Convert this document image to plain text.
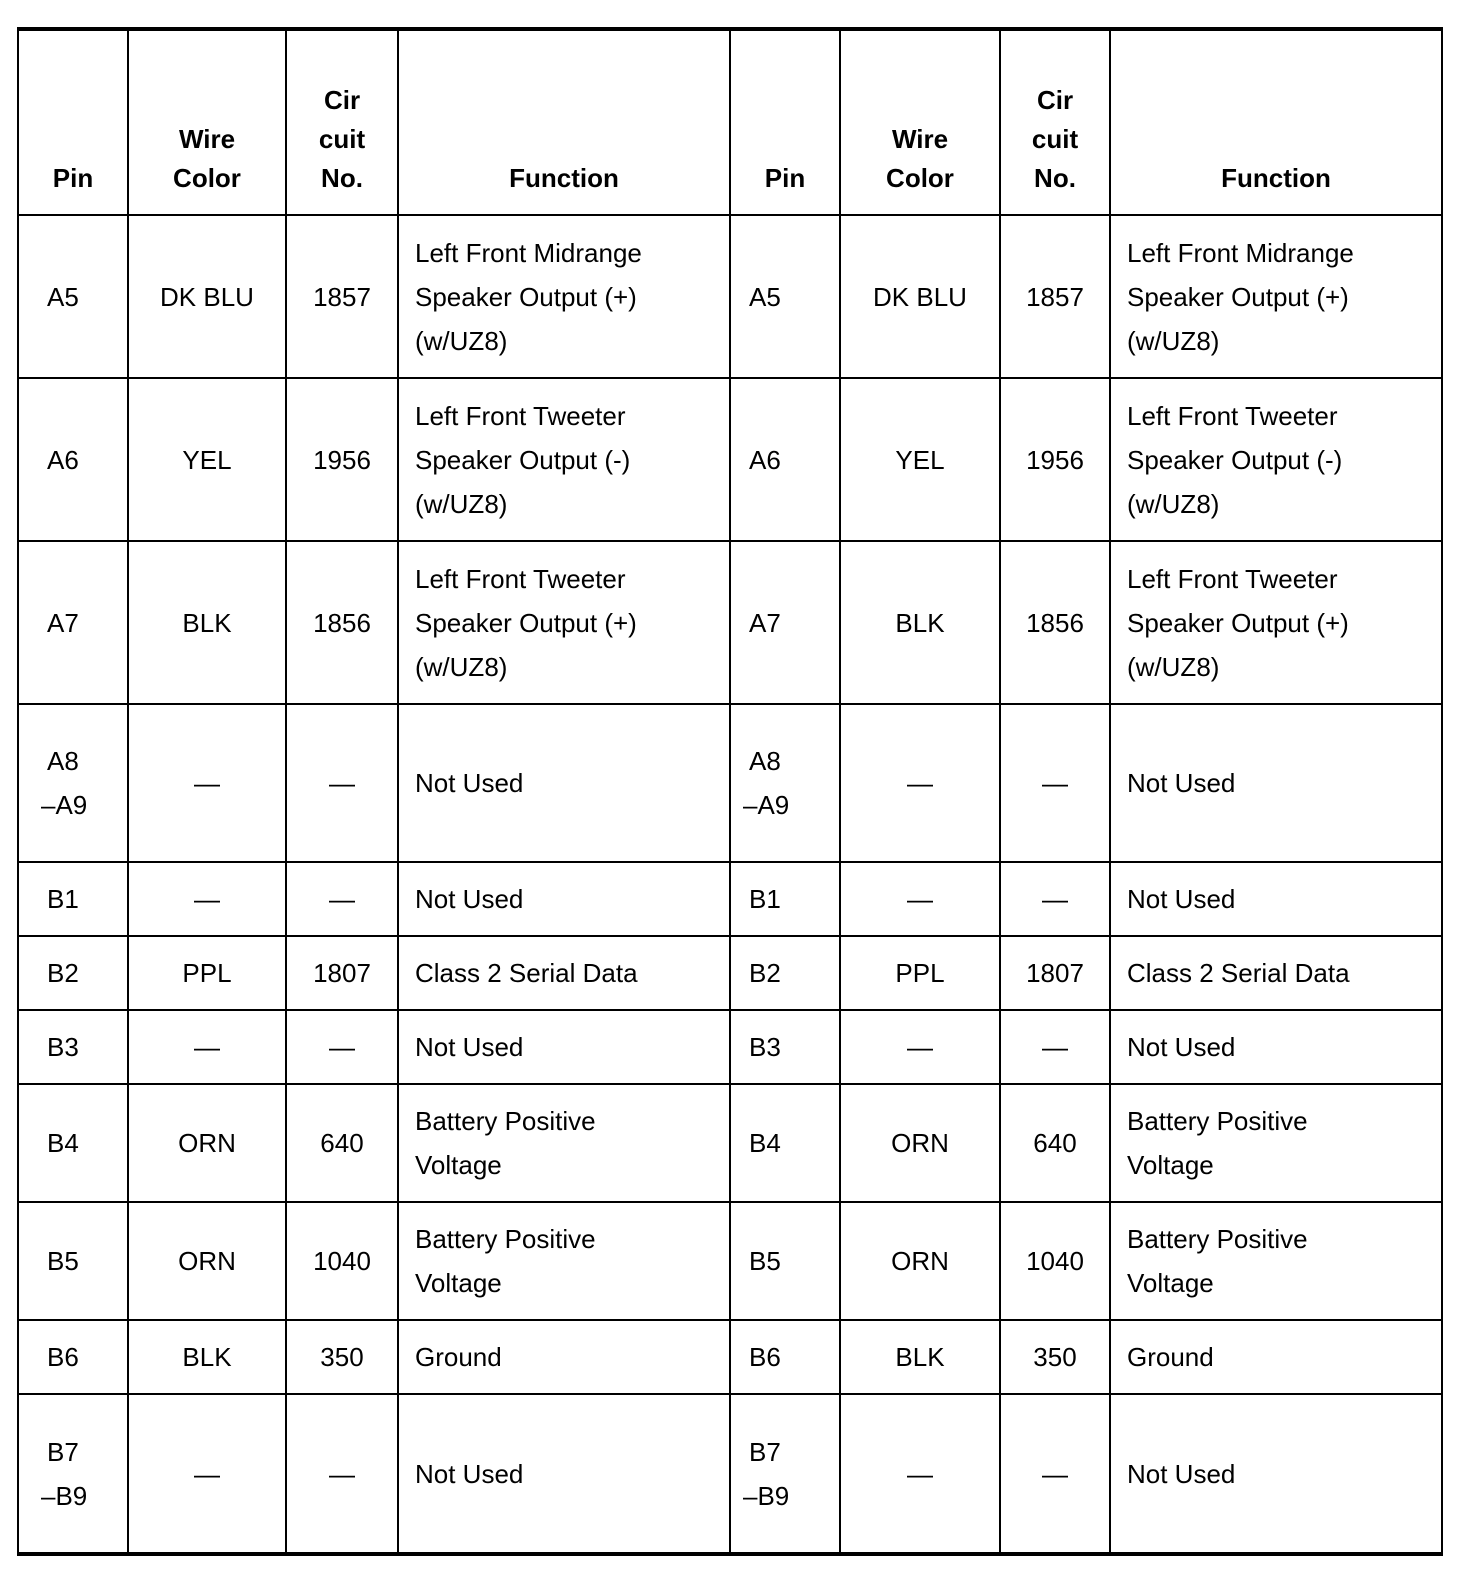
Pin	Wire
Color	Cir
cuit
No.	Function	Pin	Wire
Color	Cir
cuit
No.	Function

A5	DK BLU	1857	Left Front Midrange
Speaker Output (+)
(w/UZ8)	A5	DK BLU	1857	Left Front Midrange
Speaker Output (+)
(w/UZ8)

A6	YEL	1956	Left Front Tweeter
Speaker Output (-)
(w/UZ8)	A6	YEL	1956	Left Front Tweeter
Speaker Output (-)
(w/UZ8)

A7	BLK	1856	Left Front Tweeter
Speaker Output (+)
(w/UZ8)	A7	BLK	1856	Left Front Tweeter
Speaker Output (+)
(w/UZ8)

A8
–A9	—	—	Not Used	A8
–A9	—	—	Not Used

B1	—	—	Not Used	B1	—	—	Not Used

B2	PPL	1807	Class 2 Serial Data	B2	PPL	1807	Class 2 Serial Data

B3	—	—	Not Used	B3	—	—	Not Used

B4	ORN	640	Battery Positive
Voltage	B4	ORN	640	Battery Positive
Voltage

B5	ORN	1040	Battery Positive
Voltage	B5	ORN	1040	Battery Positive
Voltage

B6	BLK	350	Ground	B6	BLK	350	Ground

B7
–B9	—	—	Not Used	B7
–B9	—	—	Not Used
